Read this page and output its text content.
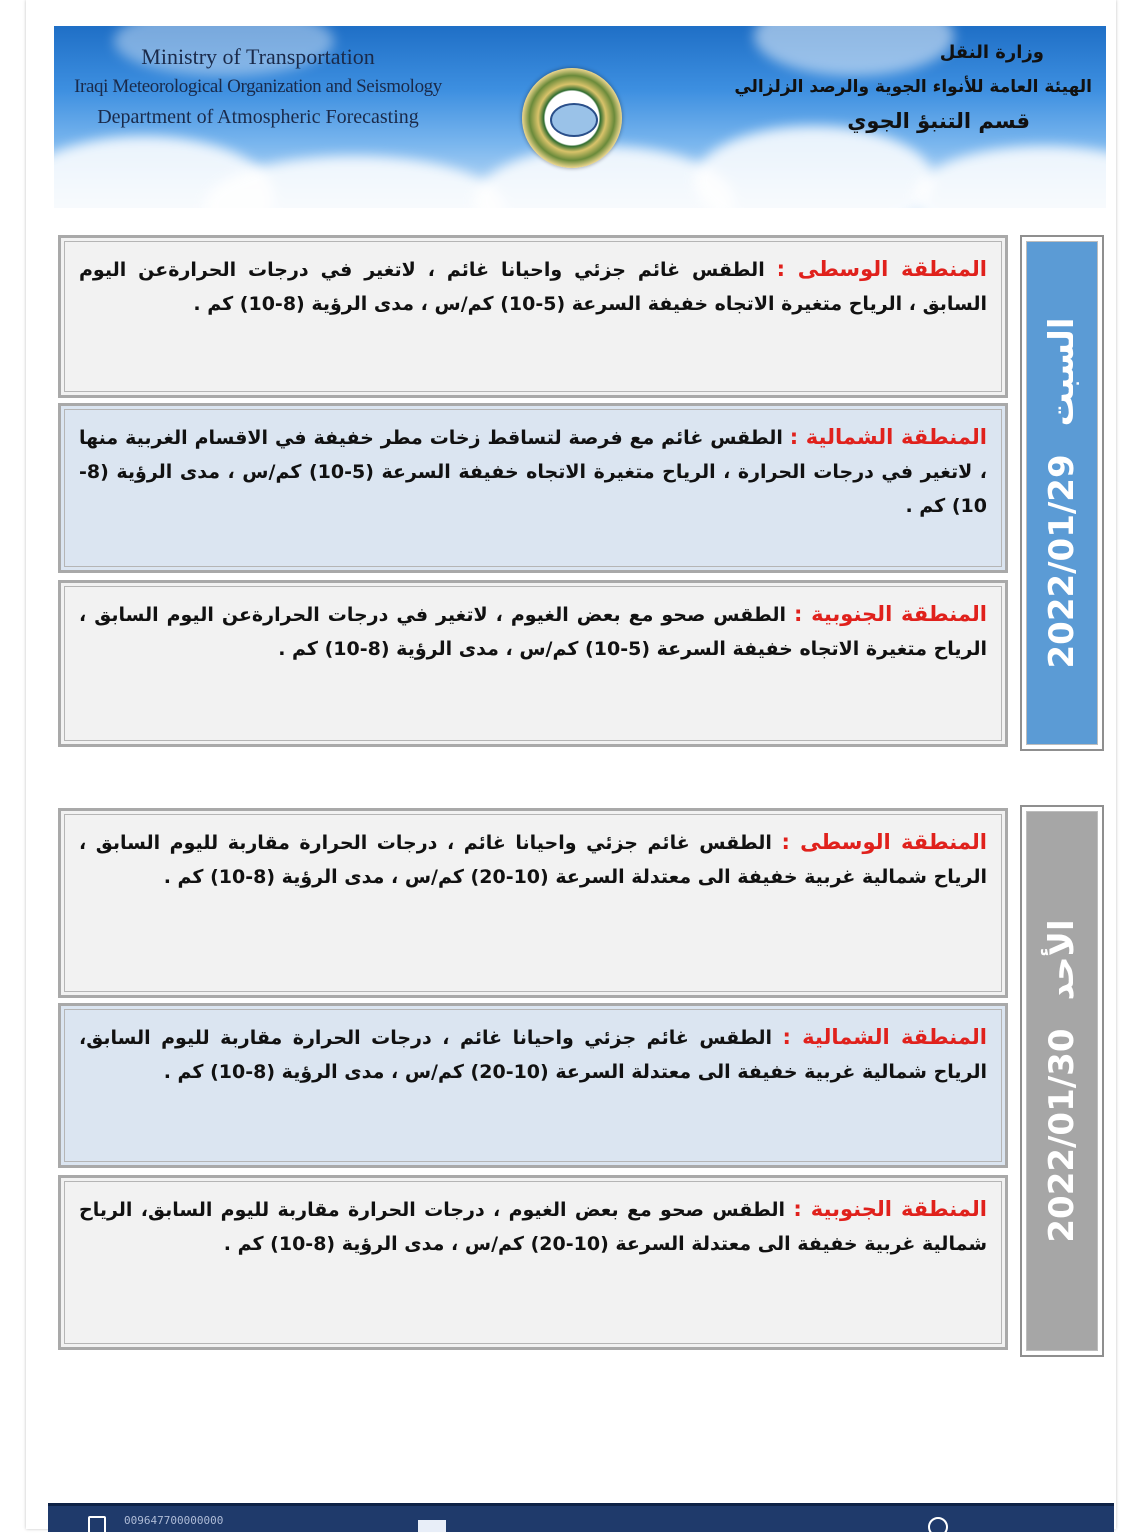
Ministry of Transportation
Iraqi Meteorological Organization and Seismology
Department of Atmospheric Forecasting
وزارة النقل
الهيئة العامة للأنواء الجوية والرصد الزلزالي
قسم التنبؤ الجوي
السبت2022/01/29

المنطقة الوسطى : الطقس غائم جزئي واحيانا غائم ، لاتغير في درجات الحرارةعن اليوم السابق ، الرياح متغيرة الاتجاه خفيفة السرعة (5-10) كم/س ، مدى الرؤية (8-10) كم .

المنطقة الشمالية : الطقس غائم مع فرصة لتساقط زخات مطر خفيفة في الاقسام الغربية منها ، لاتغير في درجات الحرارة ، الرياح متغيرة الاتجاه خفيفة السرعة (5-10) كم/س ، مدى الرؤية (8-10) كم .

المنطقة الجنوبية : الطقس صحو مع بعض الغيوم ، لاتغير في درجات الحرارةعن اليوم السابق ، الرياح متغيرة الاتجاه خفيفة السرعة (5-10) كم/س ، مدى الرؤية (8-10) كم .

الأحد2022/01/30

المنطقة الوسطى : الطقس غائم جزئي واحيانا غائم ، درجات الحرارة مقاربة لليوم السابق ، الرياح شمالية غربية خفيفة الى معتدلة السرعة (10-20) كم/س ، مدى الرؤية (8-10) كم .

المنطقة الشمالية : الطقس غائم جزئي واحيانا غائم ، درجات الحرارة مقاربة لليوم السابق، الرياح شمالية غربية خفيفة الى معتدلة السرعة (10-20) كم/س ، مدى الرؤية (8-10) كم .

المنطقة الجنوبية : الطقس صحو مع بعض الغيوم ، درجات الحرارة مقاربة لليوم السابق، الرياح شمالية غربية خفيفة الى معتدلة السرعة (10-20) كم/س ، مدى الرؤية (8-10) كم .

009647700000000
